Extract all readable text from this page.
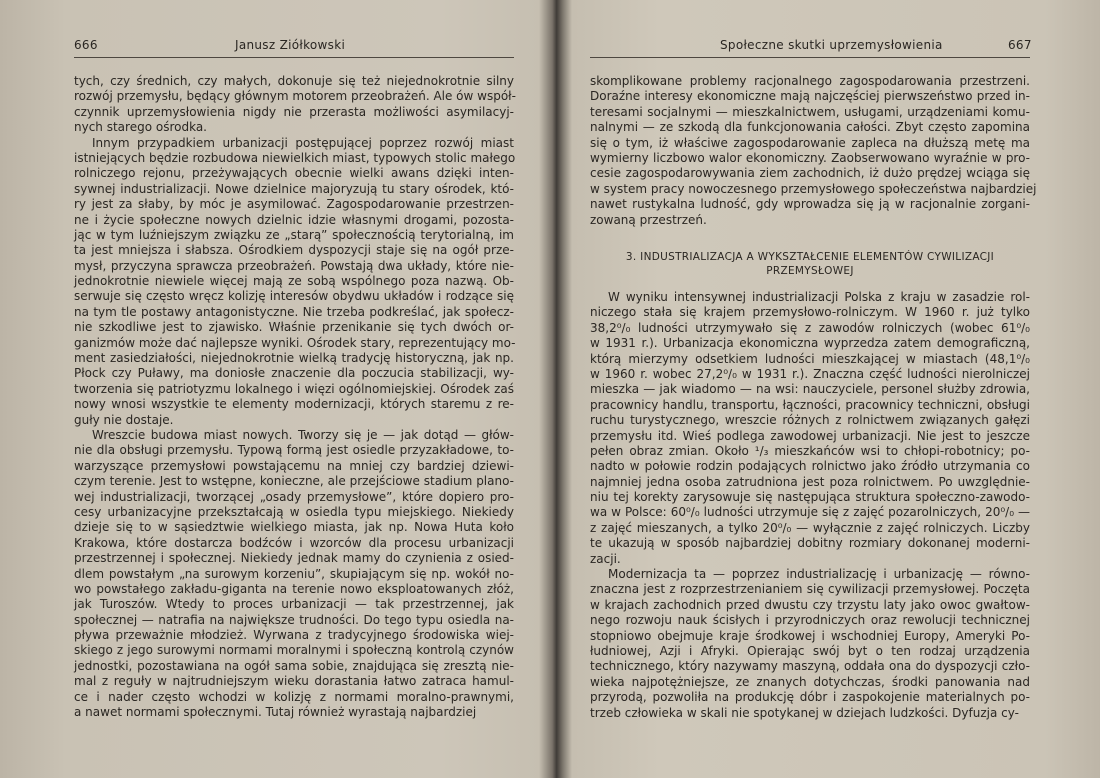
666	Janusz Ziółkowski
tych, czy średnich, czy małych, dokonuje się też niejednokrotnie silny
rozwój przemysłu, będący głównym motorem przeobrażeń. Ale ów współ-
czynnik uprzemysłowienia nigdy nie przerasta możliwości asymilacyj-
nych starego ośrodka.
Innym przypadkiem urbanizacji postępującej poprzez rozwój miast
istniejących będzie rozbudowa niewielkich miast, typowych stolic małego
rolniczego rejonu, przeżywających obecnie wielki awans dzięki inten-
sywnej industrializacji. Nowe dzielnice majoryzują tu stary ośrodek, któ-
ry jest za słaby, by móc je asymilować. Zagospodarowanie przestrzen-
ne i życie społeczne nowych dzielnic idzie własnymi drogami, pozosta-
jąc w tym luźniejszym związku ze „starą” społecznością terytorialną, im
ta jest mniejsza i słabsza. Ośrodkiem dyspozycji staje się na ogół prze-
mysł, przyczyna sprawcza przeobrażeń. Powstają dwa układy, które nie-
jednokrotnie niewiele więcej mają ze sobą wspólnego poza nazwą. Ob-
serwuje się często wręcz kolizję interesów obydwu układów i rodzące się
na tym tle postawy antagonistyczne. Nie trzeba podkreślać, jak społecz-
nie szkodliwe jest to zjawisko. Właśnie przenikanie się tych dwóch or-
ganizmów może dać najlepsze wyniki. Ośrodek stary, reprezentujący mo-
ment zasiedziałości, niejednokrotnie wielką tradycję historyczną, jak np.
Płock czy Puławy, ma doniosłe znaczenie dla poczucia stabilizacji, wy-
tworzenia się patriotyzmu lokalnego i więzi ogólnomiejskiej. Ośrodek zaś
nowy wnosi wszystkie te elementy modernizacji, których staremu z re-
guły nie dostaje.
Wreszcie budowa miast nowych. Tworzy się je — jak dotąd — głów-
nie dla obsługi przemysłu. Typową formą jest osiedle przyzakładowe, to-
warzyszące przemysłowi powstającemu na mniej czy bardziej dziewi-
czym terenie. Jest to wstępne, konieczne, ale przejściowe stadium plano-
wej industrializacji, tworzącej „osady przemysłowe”, które dopiero pro-
cesy urbanizacyjne przekształcają w osiedla typu miejskiego. Niekiedy
dzieje się to w sąsiedztwie wielkiego miasta, jak np. Nowa Huta koło
Krakowa, które dostarcza bodźców i wzorców dla procesu urbanizacji
przestrzennej i społecznej. Niekiedy jednak mamy do czynienia z osied-
dlem powstałym „na surowym korzeniu”, skupiającym się np. wokół no-
wo powstałego zakładu-giganta na terenie nowo eksploatowanych złóż,
jak Turoszów. Wtedy to proces urbanizacji — tak przestrzennej, jak
społecznej — natrafia na największe trudności. Do tego typu osiedla na-
pływa przeważnie młodzież. Wyrwana z tradycyjnego środowiska wiej-
skiego z jego surowymi normami moralnymi i społeczną kontrolą czynów
jednostki, pozostawiana na ogół sama sobie, znajdująca się zresztą nie-
mal z reguły w najtrudniejszym wieku dorastania łatwo zatraca hamul-
ce i nader często wchodzi w kolizję z normami moralno-prawnymi,
a nawet normami społecznymi. Tutaj również wyrastają najbardziej
Społeczne skutki uprzemysłowienia	667
skomplikowane problemy racjonalnego zagospodarowania przestrzeni.
Doraźne interesy ekonomiczne mają najczęściej pierwszeństwo przed in-
teresami socjalnymi — mieszkalnictwem, usługami, urządzeniami komu-
nalnymi — ze szkodą dla funkcjonowania całości. Zbyt często zapomina
się o tym, iż właściwe zagospodarowanie zapleca na dłuższą metę ma
wymierny liczbowo walor ekonomiczny. Zaobserwowano wyraźnie w pro-
cesie zagospodarowywania ziem zachodnich, iż dużo prędzej wciąga się
w system pracy nowoczesnego przemysłowego społeczeństwa najbardziej
nawet rustykalna ludność, gdy wprowadza się ją w racjonalnie zorgani-
zowaną przestrzeń.
3. INDUSTRIALIZACJA A WYKSZTAŁCENIE ELEMENTÓW CYWILIZACJI
PRZEMYSŁOWEJ
W wyniku intensywnej industrializacji Polska z kraju w zasadzie rol-
niczego stała się krajem przemysłowo-rolniczym. W 1960 r. już tylko
38,2⁰/₀ ludności utrzymywało się z zawodów rolniczych (wobec 61⁰/₀
w 1931 r.). Urbanizacja ekonomiczna wyprzedza zatem demograficzną,
którą mierzymy odsetkiem ludności mieszkającej w miastach (48,1⁰/₀
w 1960 r. wobec 27,2⁰/₀ w 1931 r.). Znaczna część ludności nierolniczej
mieszka — jak wiadomo — na wsi: nauczyciele, personel służby zdrowia,
pracownicy handlu, transportu, łączności, pracownicy techniczni, obsługi
ruchu turystycznego, wreszcie różnych z rolnictwem związanych gałęzi
przemysłu itd. Wieś podlega zawodowej urbanizacji. Nie jest to jeszcze
pełen obraz zmian. Około ¹/₃ mieszkańców wsi to chłopi-robotnicy; po-
nadto w połowie rodzin podających rolnictwo jako źródło utrzymania co
najmniej jedna osoba zatrudniona jest poza rolnictwem. Po uwzględnie-
niu tej korekty zarysowuje się następująca struktura społeczno-zawodo-
wa w Polsce: 60⁰/₀ ludności utrzymuje się z zajęć pozarolniczych, 20⁰/₀ —
z zajęć mieszanych, a tylko 20⁰/₀ — wyłącznie z zajęć rolniczych. Liczby
te ukazują w sposób najbardziej dobitny rozmiary dokonanej moderni-
zacji.
Modernizacja ta — poprzez industrializację i urbanizację — równo-
znaczna jest z rozprzestrzenianiem się cywilizacji przemysłowej. Poczęta
w krajach zachodnich przed dwustu czy trzystu laty jako owoc gwałtow-
nego rozwoju nauk ścisłych i przyrodniczych oraz rewolucji technicznej
stopniowo obejmuje kraje środkowej i wschodniej Europy, Ameryki Po-
łudniowej, Azji i Afryki. Opierając swój byt o ten rodzaj urządzenia
technicznego, który nazywamy maszyną, oddała ona do dyspozycji czło-
wieka najpotężniejsze, ze znanych dotychczas, środki panowania nad
przyrodą, pozwoliła na produkcję dóbr i zaspokojenie materialnych po-
trzeb człowieka w skali nie spotykanej w dziejach ludzkości. Dyfuzja cy-
